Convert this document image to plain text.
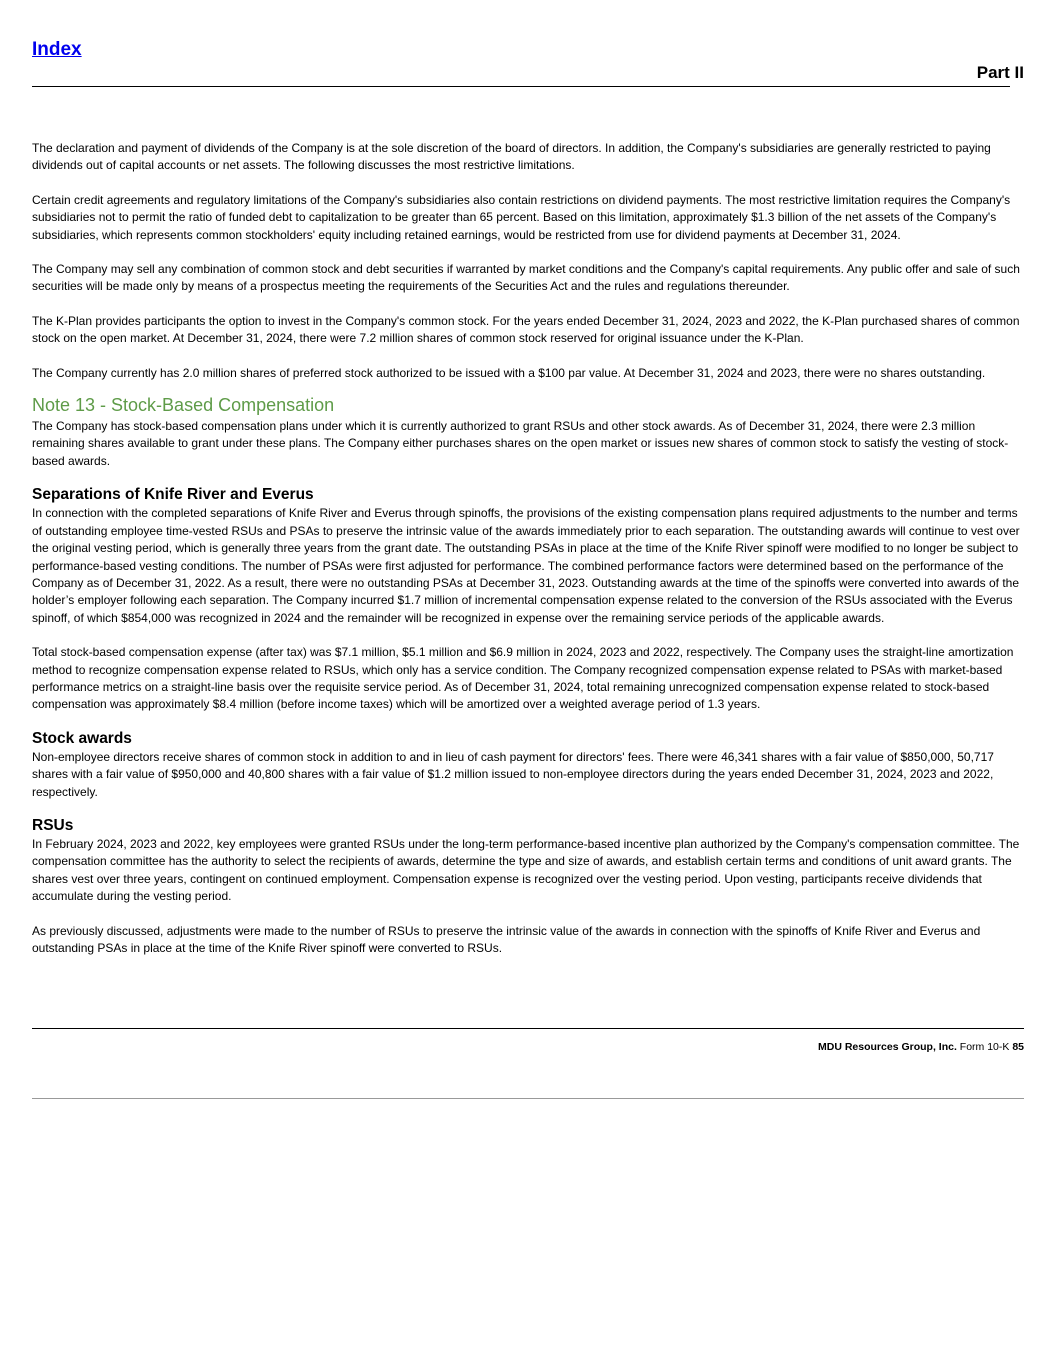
Index
Part II

The declaration and payment of dividends of the Company is at the sole discretion of the board of directors. In addition, the Company's subsidiaries are generally restricted to paying dividends out of capital accounts or net assets. The following discusses the most restrictive limitations.

Certain credit agreements and regulatory limitations of the Company's subsidiaries also contain restrictions on dividend payments. The most restrictive limitation requires the Company's subsidiaries not to permit the ratio of funded debt to capitalization to be greater than 65 percent. Based on this limitation, approximately $1.3 billion of the net assets of the Company's subsidiaries, which represents common stockholders' equity including retained earnings, would be restricted from use for dividend payments at December 31, 2024.

The Company may sell any combination of common stock and debt securities if warranted by market conditions and the Company's capital requirements. Any public offer and sale of such securities will be made only by means of a prospectus meeting the requirements of the Securities Act and the rules and regulations thereunder.

The K-Plan provides participants the option to invest in the Company's common stock. For the years ended December 31, 2024, 2023 and 2022, the K-Plan purchased shares of common stock on the open market. At December 31, 2024, there were 7.2 million shares of common stock reserved for original issuance under the K-Plan.

The Company currently has 2.0 million shares of preferred stock authorized to be issued with a $100 par value. At December 31, 2024 and 2023, there were no shares outstanding.

Note 13 - Stock-Based Compensation

The Company has stock-based compensation plans under which it is currently authorized to grant RSUs and other stock awards. As of December 31, 2024, there were 2.3 million remaining shares available to grant under these plans. The Company either purchases shares on the open market or issues new shares of common stock to satisfy the vesting of stock-based awards.

Separations of Knife River and Everus

In connection with the completed separations of Knife River and Everus through spinoffs, the provisions of the existing compensation plans required adjustments to the number and terms of outstanding employee time-vested RSUs and PSAs to preserve the intrinsic value of the awards immediately prior to each separation. The outstanding awards will continue to vest over the original vesting period, which is generally three years from the grant date. The outstanding PSAs in place at the time of the Knife River spinoff were modified to no longer be subject to performance-based vesting conditions. The number of PSAs were first adjusted for performance. The combined performance factors were determined based on the performance of the Company as of December 31, 2022. As a result, there were no outstanding PSAs at December 31, 2023. Outstanding awards at the time of the spinoffs were converted into awards of the holder’s employer following each separation. The Company incurred $1.7 million of incremental compensation expense related to the conversion of the RSUs associated with the Everus spinoff, of which $854,000 was recognized in 2024 and the remainder will be recognized in expense over the remaining service periods of the applicable awards.

Total stock-based compensation expense (after tax) was $7.1 million, $5.1 million and $6.9 million in 2024, 2023 and 2022, respectively. The Company uses the straight-line amortization method to recognize compensation expense related to RSUs, which only has a service condition. The Company recognized compensation expense related to PSAs with market-based performance metrics on a straight-line basis over the requisite service period. As of December 31, 2024, total remaining unrecognized compensation expense related to stock-based compensation was approximately $8.4 million (before income taxes) which will be amortized over a weighted average period of 1.3 years.

Stock awards

Non-employee directors receive shares of common stock in addition to and in lieu of cash payment for directors' fees. There were 46,341 shares with a fair value of $850,000, 50,717 shares with a fair value of $950,000 and 40,800 shares with a fair value of $1.2 million issued to non-employee directors during the years ended December 31, 2024, 2023 and 2022, respectively.

RSUs

In February 2024, 2023 and 2022, key employees were granted RSUs under the long-term performance-based incentive plan authorized by the Company's compensation committee. The compensation committee has the authority to select the recipients of awards, determine the type and size of awards, and establish certain terms and conditions of unit award grants. The shares vest over three years, contingent on continued employment. Compensation expense is recognized over the vesting period. Upon vesting, participants receive dividends that accumulate during the vesting period.

As previously discussed, adjustments were made to the number of RSUs to preserve the intrinsic value of the awards in connection with the spinoffs of Knife River and Everus and outstanding PSAs in place at the time of the Knife River spinoff were converted to RSUs.

MDU Resources Group, Inc. Form 10-K 85
